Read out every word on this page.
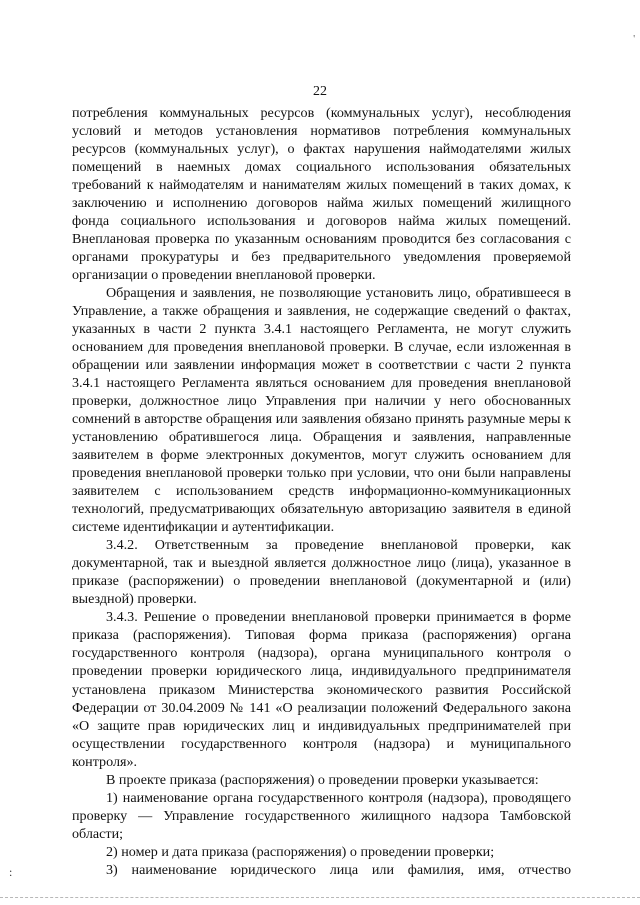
'
22

потребления коммунальных ресурсов (коммунальных услуг), несоблюдения условий и методов установления нормативов потребления коммунальных ресурсов (коммунальных услуг), о фактах нарушения наймодателями жилых помещений в наемных домах социального использования обязательных требований к наймодателям и нанимателям жилых помещений в таких домах, к заключению и исполнению договоров найма жилых помещений жилищного фонда социального использования и договоров найма жилых помещений. Внеплановая проверка по указанным основаниям проводится без согласования с органами прокуратуры и без предварительного уведомления проверяемой организации о проведении внеплановой проверки.

Обращения и заявления, не позволяющие установить лицо, обратившееся в Управление, а также обращения и заявления, не содержащие сведений о фактах, указанных в части 2 пункта 3.4.1 настоящего Регламента, не могут служить основанием для проведения внеплановой проверки. В случае, если изложенная в обращении или заявлении информация может в соответствии с части 2 пункта 3.4.1 настоящего Регламента являться основанием для проведения внеплановой проверки, должностное лицо Управления при наличии у него обоснованных сомнений в авторстве обращения или заявления обязано принять разумные меры к установлению обратившегося лица. Обращения и заявления, направленные заявителем в форме электронных документов, могут служить основанием для проведения внеплановой проверки только при условии, что они были направлены заявителем с использованием средств информационно-коммуникационных технологий, предусматривающих обязательную авторизацию заявителя в единой системе идентификации и аутентификации.

3.4.2. Ответственным за проведение внеплановой проверки, как документарной, так и выездной является должностное лицо (лица), указанное в приказе (распоряжении) о проведении внеплановой (документарной и (или) выездной) проверки.

3.4.3. Решение о проведении внеплановой проверки принимается в форме приказа (распоряжения). Типовая форма приказа (распоряжения) органа государственного контроля (надзора), органа муниципального контроля о проведении проверки юридического лица, индивидуального предпринимателя установлена приказом Министерства экономического развития Российской Федерации от 30.04.2009 № 141 «О реализации положений Федерального закона «О защите прав юридических лиц и индивидуальных предпринимателей при осуществлении государственного контроля (надзора) и муниципального контроля».

В проекте приказа (распоряжения) о проведении проверки указывается:

1) наименование органа государственного контроля (надзора), проводящего проверку — Управление государственного жилищного надзора Тамбовской области;

2) номер и дата приказа (распоряжения) о проведении проверки;

3) наименование юридического лица или фамилия, имя, отчество

:
